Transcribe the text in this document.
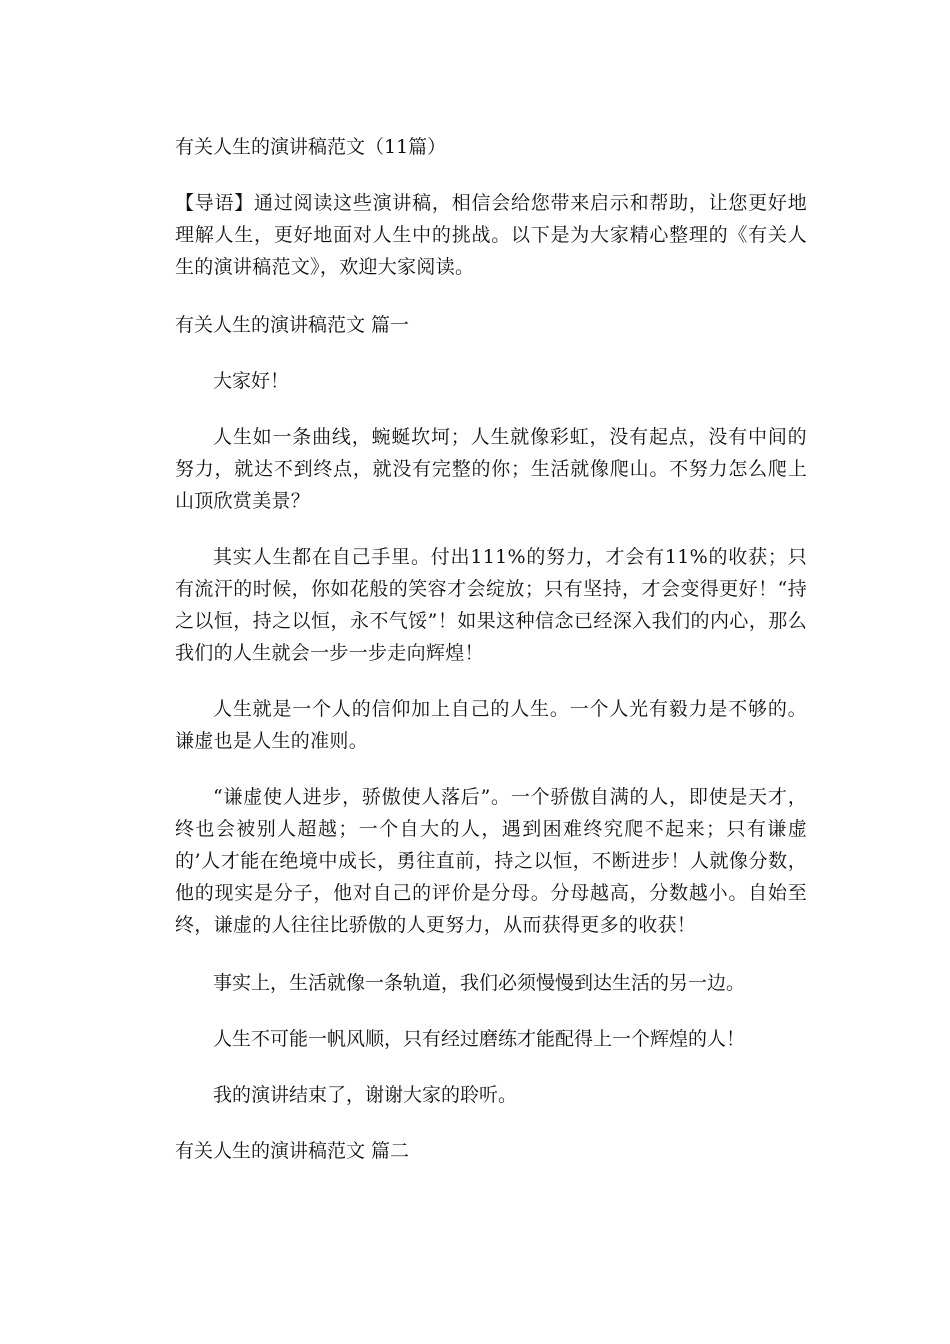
有关人生的演讲稿范文（11篇）

【导语】通过阅读这些演讲稿，相信会给您带来启示和帮助，让您更好地理解人生，更好地面对人生中的挑战。以下是为大家精心整理的《有关人生的演讲稿范文》，欢迎大家阅读。

有关人生的演讲稿范文 篇一

大家好！

人生如一条曲线，蜿蜒坎坷；人生就像彩虹，没有起点，没有中间的努力，就达不到终点，就没有完整的你；生活就像爬山。不努力怎么爬上山顶欣赏美景？

其实人生都在自己手里。付出111%的努力，才会有11%的收获；只有流汗的时候，你如花般的笑容才会绽放；只有坚持，才会变得更好！“持之以恒，持之以恒，永不气馁”！如果这种信念已经深入我们的内心，那么我们的人生就会一步一步走向辉煌！

人生就是一个人的信仰加上自己的人生。一个人光有毅力是不够的。谦虚也是人生的准则。

“谦虚使人进步，骄傲使人落后”。一个骄傲自满的人，即使是天才，终也会被别人超越；一个自大的人，遇到困难终究爬不起来；只有谦虚的’人才能在绝境中成长，勇往直前，持之以恒，不断进步！人就像分数，他的现实是分子，他对自己的评价是分母。分母越高，分数越小。自始至终，谦虚的人往往比骄傲的人更努力，从而获得更多的收获！

事实上，生活就像一条轨道，我们必须慢慢到达生活的另一边。

人生不可能一帆风顺，只有经过磨练才能配得上一个辉煌的人！

我的演讲结束了，谢谢大家的聆听。

有关人生的演讲稿范文 篇二
